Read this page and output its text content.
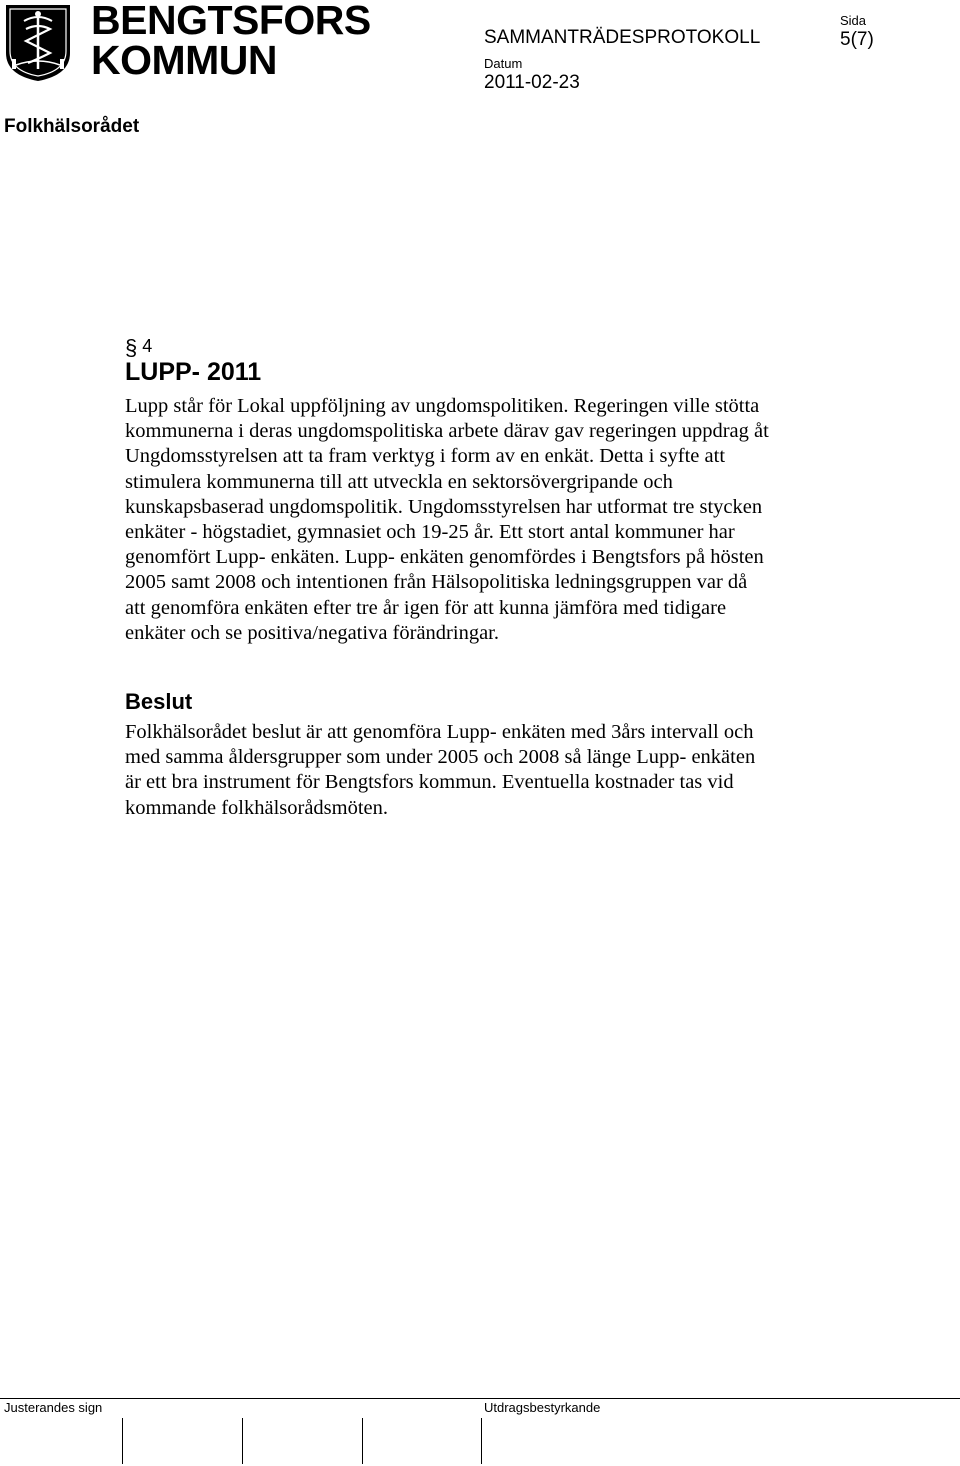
BENGTSFORS
KOMMUN	SAMMANTRÄDESPROTOKOLL
Sida
5(7)
Datum
2011-02-23
Folkhälsorådet
§ 4
LUPP- 2011
Lupp står för Lokal uppföljning av ungdomspolitiken. Regeringen ville stötta
kommunerna i deras ungdomspolitiska arbete därav gav regeringen uppdrag åt
Ungdomsstyrelsen att ta fram verktyg i form av en enkät. Detta i syfte att
stimulera kommunerna till att utveckla en sektorsövergripande och
kunskapsbaserad ungdomspolitik. Ungdomsstyrelsen har utformat tre stycken
enkäter - högstadiet, gymnasiet och 19-25 år. Ett stort antal kommuner har
genomfört Lupp- enkäten. Lupp- enkäten genomfördes i Bengtsfors på hösten
2005 samt 2008 och intentionen från Hälsopolitiska ledningsgruppen var då
att genomföra enkäten efter tre år igen för att kunna jämföra med tidigare
enkäter och se positiva/negativa förändringar.
Beslut
Folkhälsorådet beslut är att genomföra Lupp- enkäten med 3års intervall och
med samma åldersgrupper som under 2005 och 2008 så länge Lupp- enkäten
är ett bra instrument för Bengtsfors kommun. Eventuella kostnader tas vid
kommande folkhälsorådsmöten.
Justerandes sign	Utdragsbestyrkande
